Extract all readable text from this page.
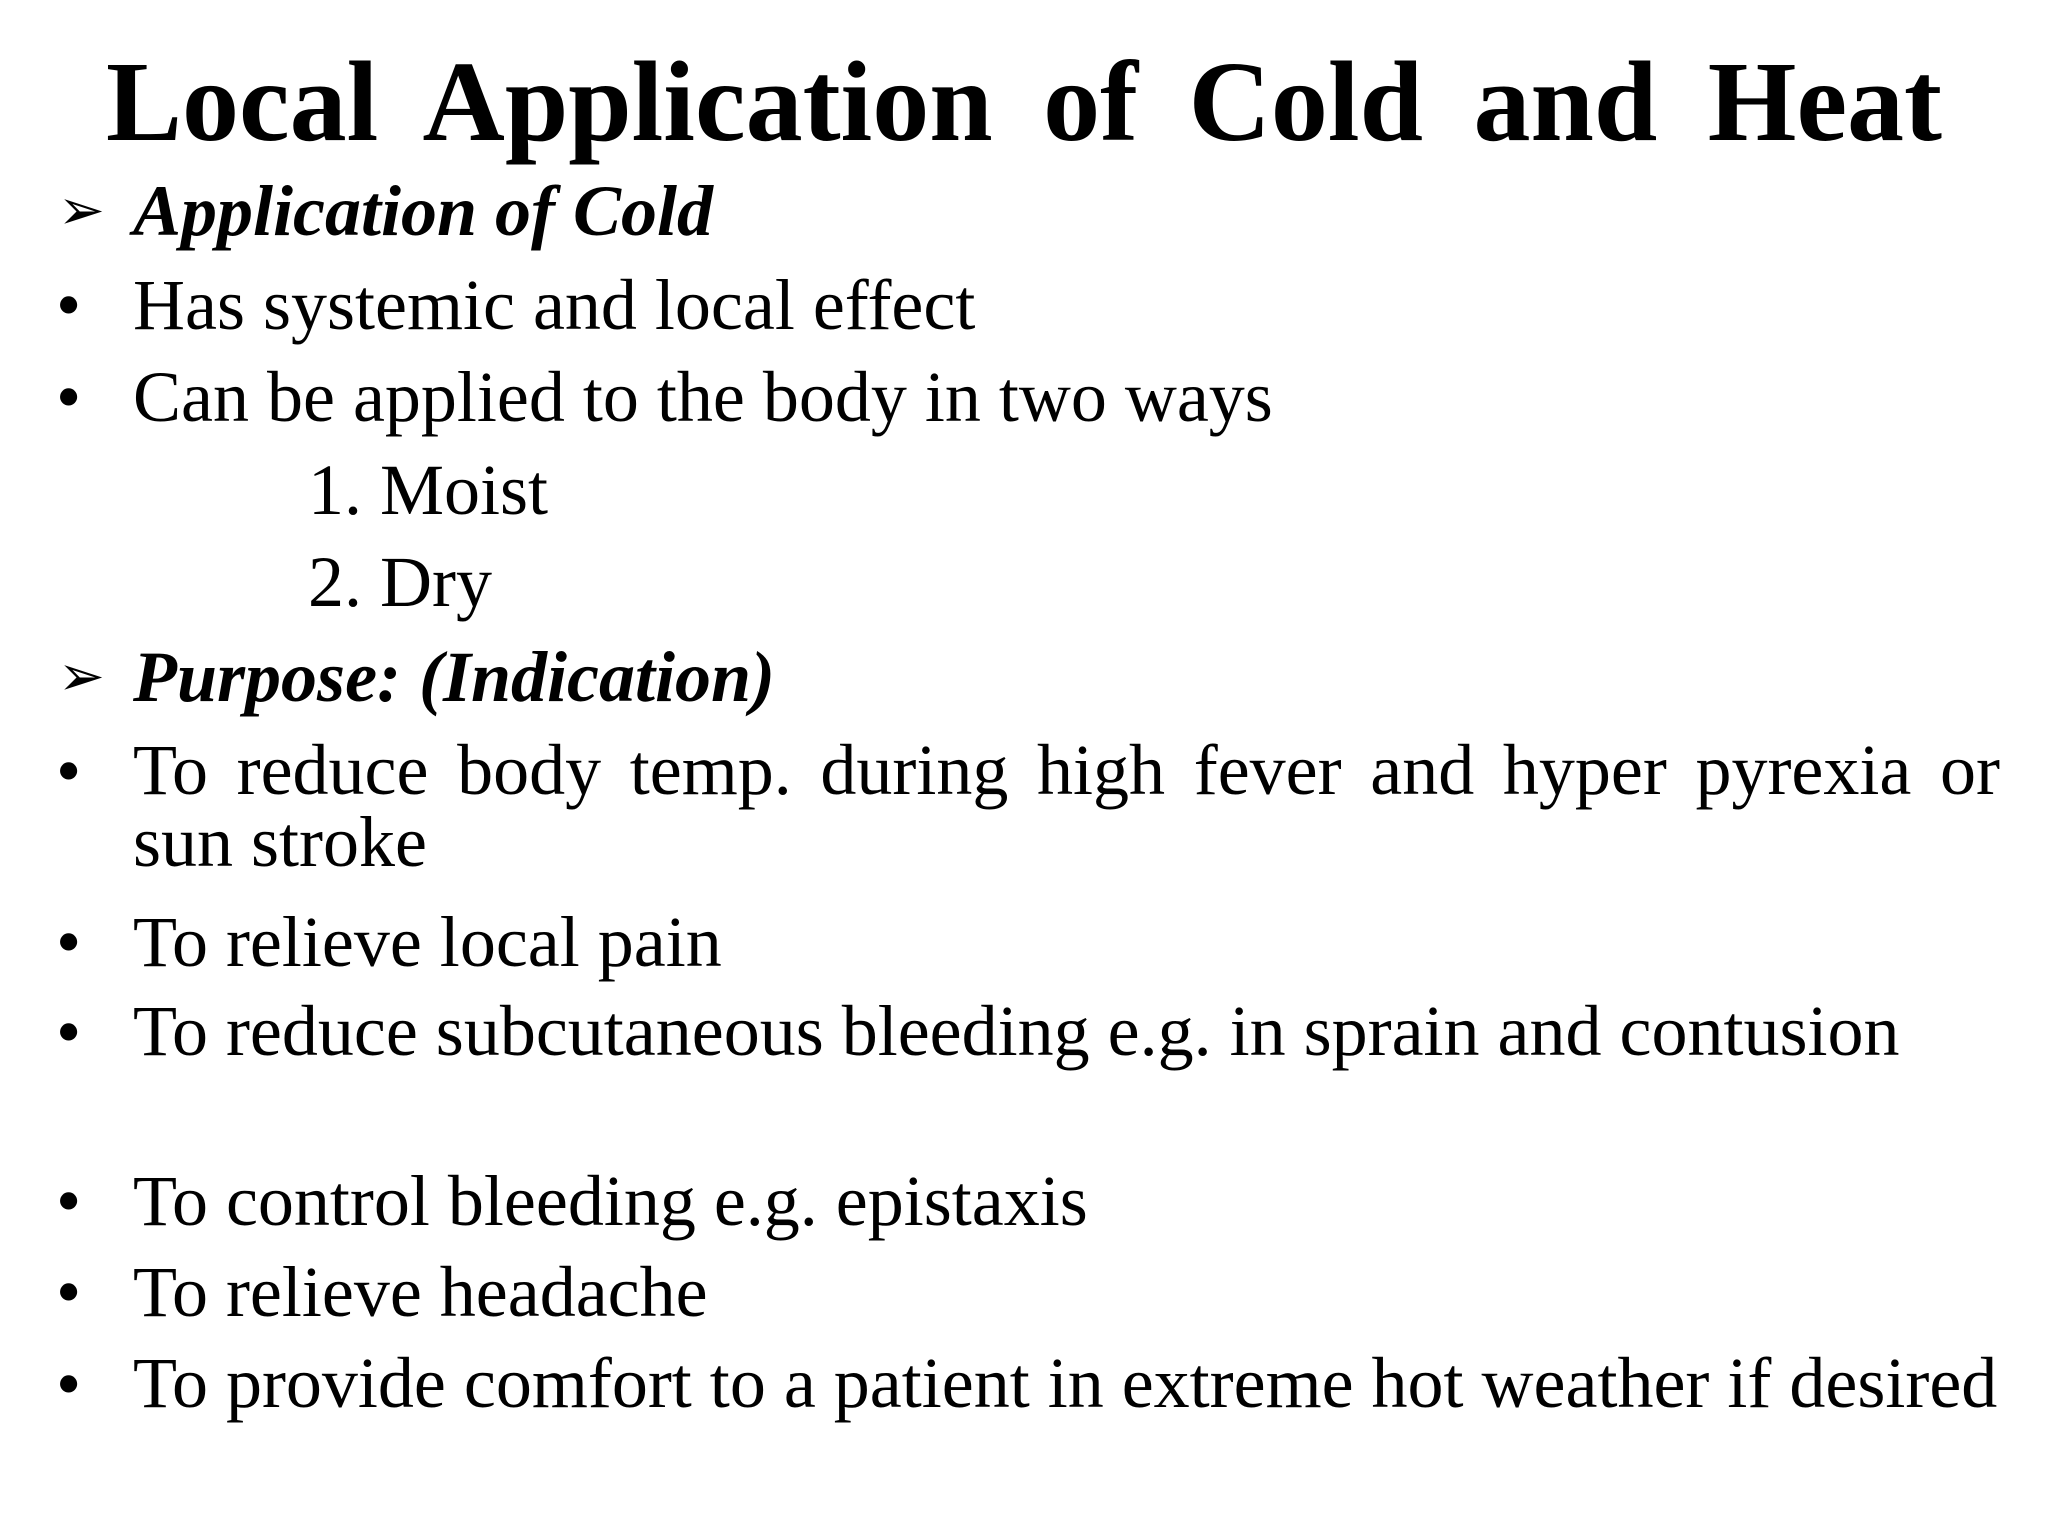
Local Application of Cold and Heat
➢ Application of Cold
• Has systemic and local effect
• Can be applied to the body in two ways
1. Moist
2. Dry
➢ Purpose: (Indication)
• To reduce body temp. during high fever and hyper pyrexia or sun stroke
• To relieve local pain
• To reduce subcutaneous bleeding e.g. in sprain and contusion
• To control bleeding e.g. epistaxis
• To relieve headache
• To provide comfort to a patient in extreme hot weather if desired
